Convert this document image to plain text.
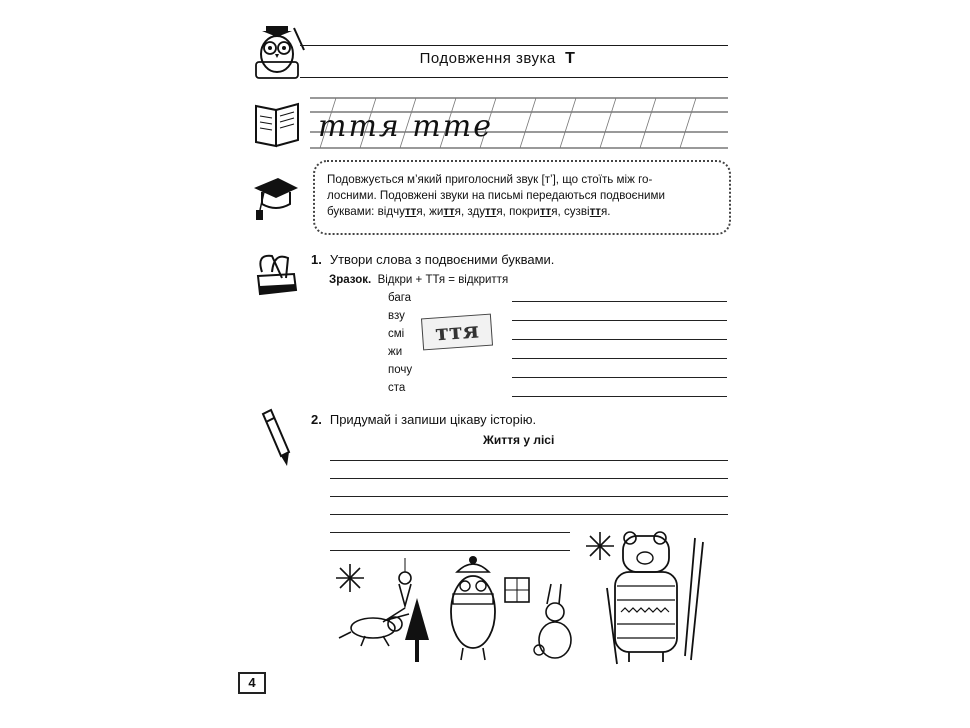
Подовження звука Т
ття тте
Подовжується м’який приголосний звук [т’], що стоїть між го-
лосними. Подовжені звуки на письмі передаються подвоєними
буквами: відчуття, життя, здуття, покриття, сузвіття.
1. Утвори слова з подвоєними буквами.
Зразок. Відкри + ТТя = відкриття
бага
взу
смі
жи
почу
ста
ття
2. Придумай і запиши цікаву історію.
Життя у лісі
4
